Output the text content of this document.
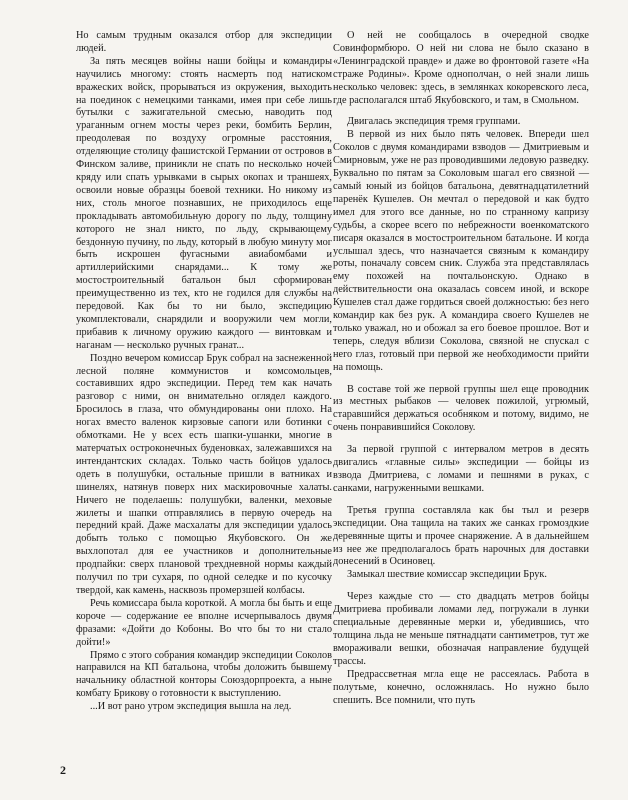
Но самым трудным оказался отбор для экспедиции людей.

За пять месяцев войны наши бойцы и командиры научились многому: стоять насмерть под натиском вражеских войск, прорываться из окружения, выходить на поединок с немецкими танками, имея при себе лишь бутылки с зажигательной смесью, наводить под ураганным огнем мосты через реки, бомбить Берлин, преодолевая по воздуху огромные расстояния, отделяющие столицу фашистской Германии от островов в Финском заливе, приникли не спать по несколько ночей кряду или спать урывками в сырых окопах и траншеях, освоили новые образцы боевой техники. Но никому из них, столь многое познавших, не приходилось еще прокладывать автомобильную дорогу по льду, толщину которого не знал никто, по льду, скрывающему бездонную пучину, по льду, который в любую минуту мог быть искрошен фугасными авиабомбами и артиллерийскими снарядами... К тому же мостостроительный батальон был сформирован преимущественно из тех, кто не годился для службы на передовой. Как бы то ни было, экспедицию укомплектовали, снарядили и вооружили чем могли, прибавив к личному оружию каждого — винтовкам и наганам — несколько ручных гранат...

Поздно вечером комиссар Брук собрал на заснеженной лесной поляне коммунистов и комсомольцев, составивших ядро экспедиции. Перед тем как начать разговор с ними, он внимательно оглядел каждого. Бросилось в глаза, что обмундированы они плохо. На ногах вместо валенок кирзовые сапоги или ботинки с обмотками. Не у всех есть шапки-ушанки, многие в матерчатых остроконечных буденовках, залежавшихся на интендантских складах. Только часть бойцов удалось одеть в полушубки, остальные пришли в ватниках и шинелях, натянув поверх них маскировочные халаты. Ничего не поделаешь: полушубки, валенки, меховые жилеты и шапки отправлялись в первую очередь на передний край. Даже масхалаты для экспедиции удалось добыть только с помощью Якубовского. Он же выхлопотал для ее участников и дополнительные продпайки: сверх плановой трехдневной нормы каждый получил по три сухаря, по одной селедке и по кусочку твердой, как камень, насквозь промерзшей колбасы.

Речь комиссара была короткой. А могла бы быть и еще короче — содержание ее вполне исчерпывалось двумя фразами: «Дойти до Кобоны. Во что бы то ни стало дойти!»

Прямо с этого собрания командир экспедиции Соколов направился на КП батальона, чтобы доложить бывшему начальнику областной конторы Союздорпроекта, а ныне комбату Брикову о готовности к выступлению.

...И вот рано утром экспедиция вышла на лед.

О ней не сообщалось в очередной сводке Совинформбюро. О ней ни слова не было сказано в «Ленинградской правде» и даже во фронтовой газете «На страже Родины». Кроме однополчан, о ней знали лишь несколько человек: здесь, в землянках кокоревского леса, где располагался штаб Якубовского, и там, в Смольном.

Двигалась экспедиция тремя группами.

В первой из них было пять человек. Впереди шел Соколов с двумя командирами взводов — Дмитриевым и Смирновым, уже не раз проводившими ледовую разведку. Буквально по пятам за Соколовым шагал его связной — самый юный из бойцов батальона, девятнадцатилетний паренёк Кушелев. Он мечтал о передовой и как будто имел для этого все данные, но по странному капризу судьбы, а скорее всего по небрежности военкоматского писаря оказался в мостостроительном батальоне. И когда услышал здесь, что назначается связным к командиру роты, поначалу совсем сник. Служба эта представлялась ему похожей на почтальонскую. Однако в действительности она оказалась совсем иной, и вскоре Кушелев стал даже гордиться своей должностью: без него командир как без рук. А командира своего Кушелев не только уважал, но и обожал за его боевое прошлое. Вот и теперь, следуя вблизи Соколова, связной не спускал с него глаз, готовый при первой же необходимости прийти на помощь.

В составе той же первой группы шел еще проводник из местных рыбаков — человек пожилой, угрюмый, старавшийся держаться особняком и потому, видимо, не очень понравившийся Соколову.

За первой группой с интервалом метров в десять двигались «главные силы» экспедиции — бойцы из взвода Дмитриева, с ломами и пешнями в руках, с санками, нагруженными вешками.

Третья группа составляла как бы тыл и резерв экспедиции. Она тащила на таких же санках громоздкие деревянные щиты и прочее снаряжение. А в дальнейшем из нее же предполагалось брать нарочных для доставки донесений в Осиновец.

Замыкал шествие комиссар экспедиции Брук.

Через каждые сто — сто двадцать метров бойцы Дмитриева пробивали ломами лед, погружали в лунки специальные деревянные мерки и, убедившись, что толщина льда не меньше пятнадцати сантиметров, тут же вмораживали вешки, обозначая направление будущей трассы.

Предрассветная мгла еще не рассеялась. Работа в полутьме, конечно, осложнялась. Но нужно было спешить. Все помнили, что путь

2
